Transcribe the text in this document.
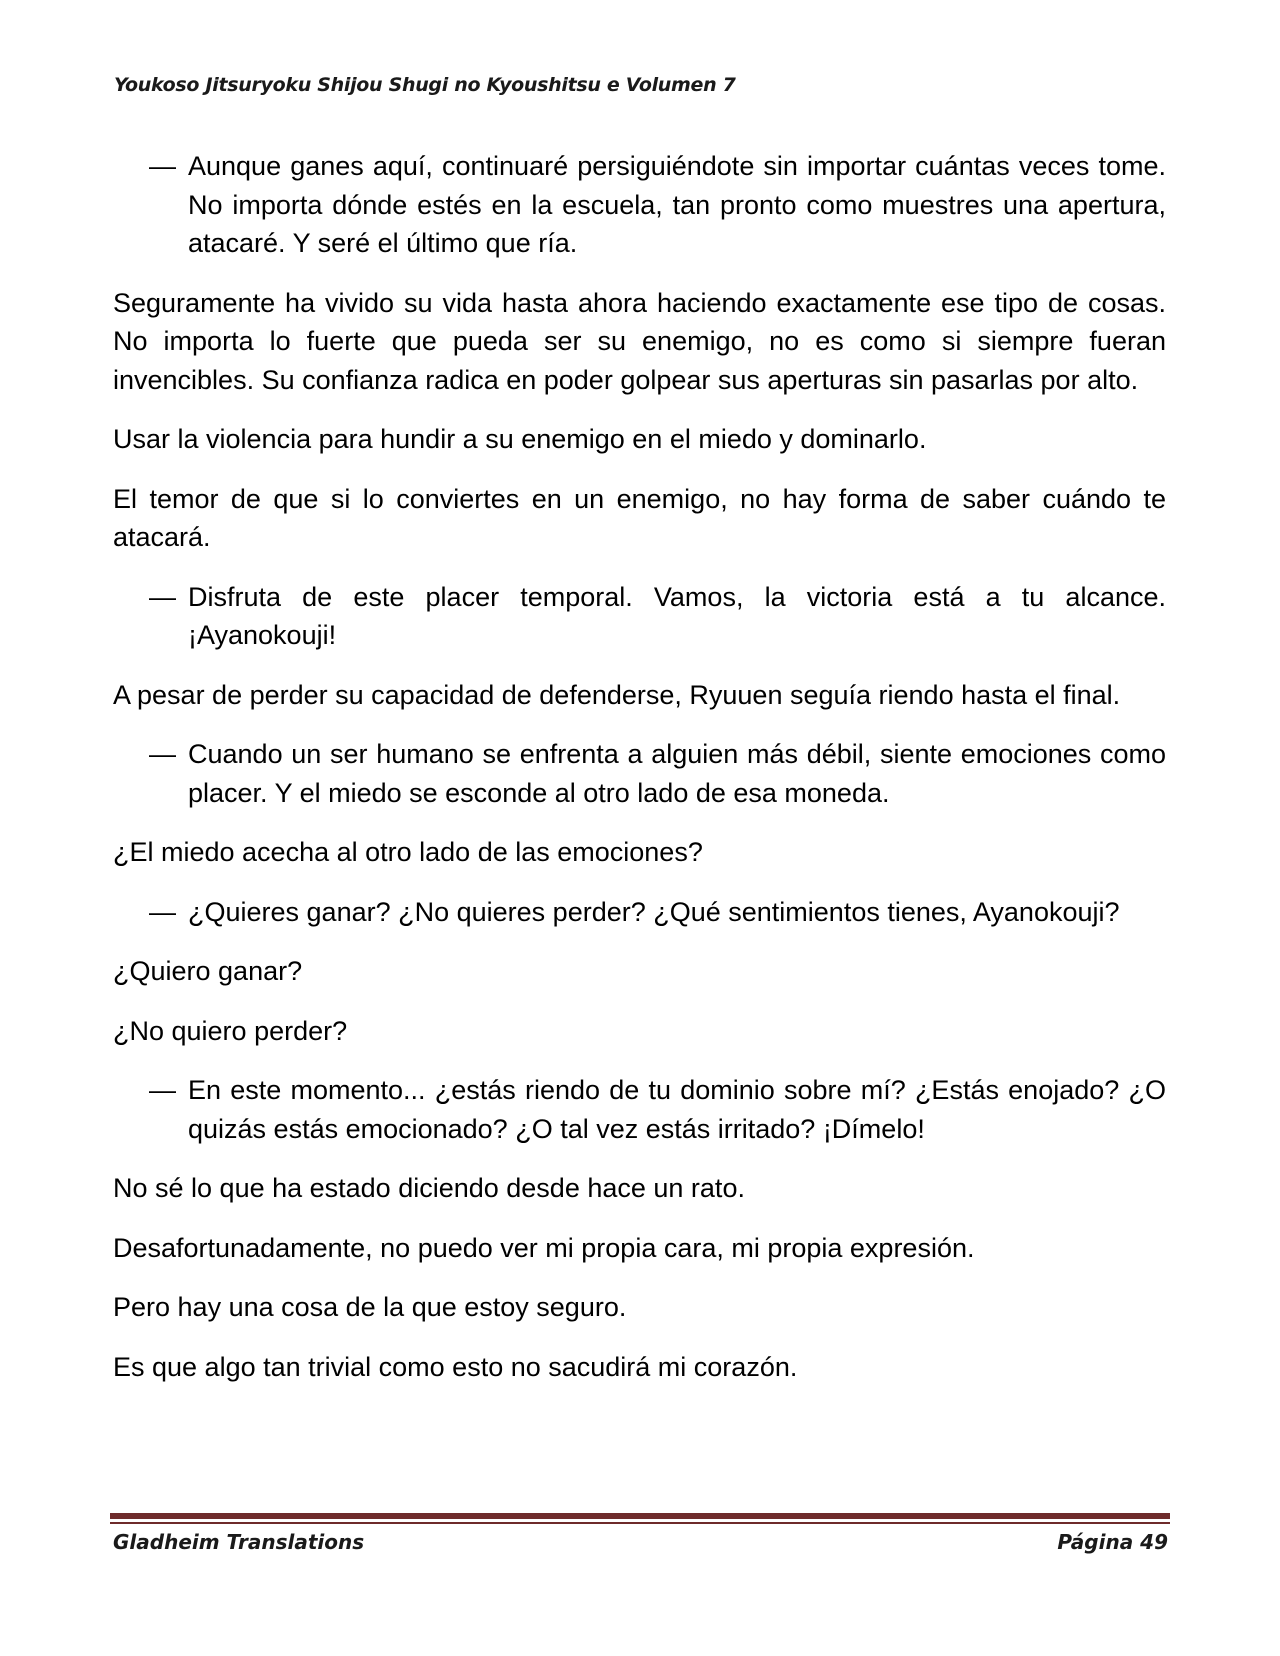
Youkoso Jitsuryoku Shijou Shugi no Kyoushitsu e Volumen 7
— Aunque ganes aquí, continuaré persiguiéndote sin importar cuántas veces tome. No importa dónde estés en la escuela, tan pronto como muestres una apertura, atacaré. Y seré el último que ría.

Seguramente ha vivido su vida hasta ahora haciendo exactamente ese tipo de cosas. No importa lo fuerte que pueda ser su enemigo, no es como si siempre fueran invencibles. Su confianza radica en poder golpear sus aperturas sin pasarlas por alto.

Usar la violencia para hundir a su enemigo en el miedo y dominarlo.

El temor de que si lo conviertes en un enemigo, no hay forma de saber cuándo te atacará.

— Disfruta de este placer temporal. Vamos, la victoria está a tu alcance. ¡Ayanokouji!

A pesar de perder su capacidad de defenderse, Ryuuen seguía riendo hasta el final.

— Cuando un ser humano se enfrenta a alguien más débil, siente emociones como placer. Y el miedo se esconde al otro lado de esa moneda.

¿El miedo acecha al otro lado de las emociones?

— ¿Quieres ganar? ¿No quieres perder? ¿Qué sentimientos tienes, Ayanokouji?

¿Quiero ganar?

¿No quiero perder?

— En este momento... ¿estás riendo de tu dominio sobre mí? ¿Estás enojado? ¿O quizás estás emocionado? ¿O tal vez estás irritado? ¡Dímelo!

No sé lo que ha estado diciendo desde hace un rato.

Desafortunadamente, no puedo ver mi propia cara, mi propia expresión.

Pero hay una cosa de la que estoy seguro.

Es que algo tan trivial como esto no sacudirá mi corazón.

Gladheim Translations	Página 49
